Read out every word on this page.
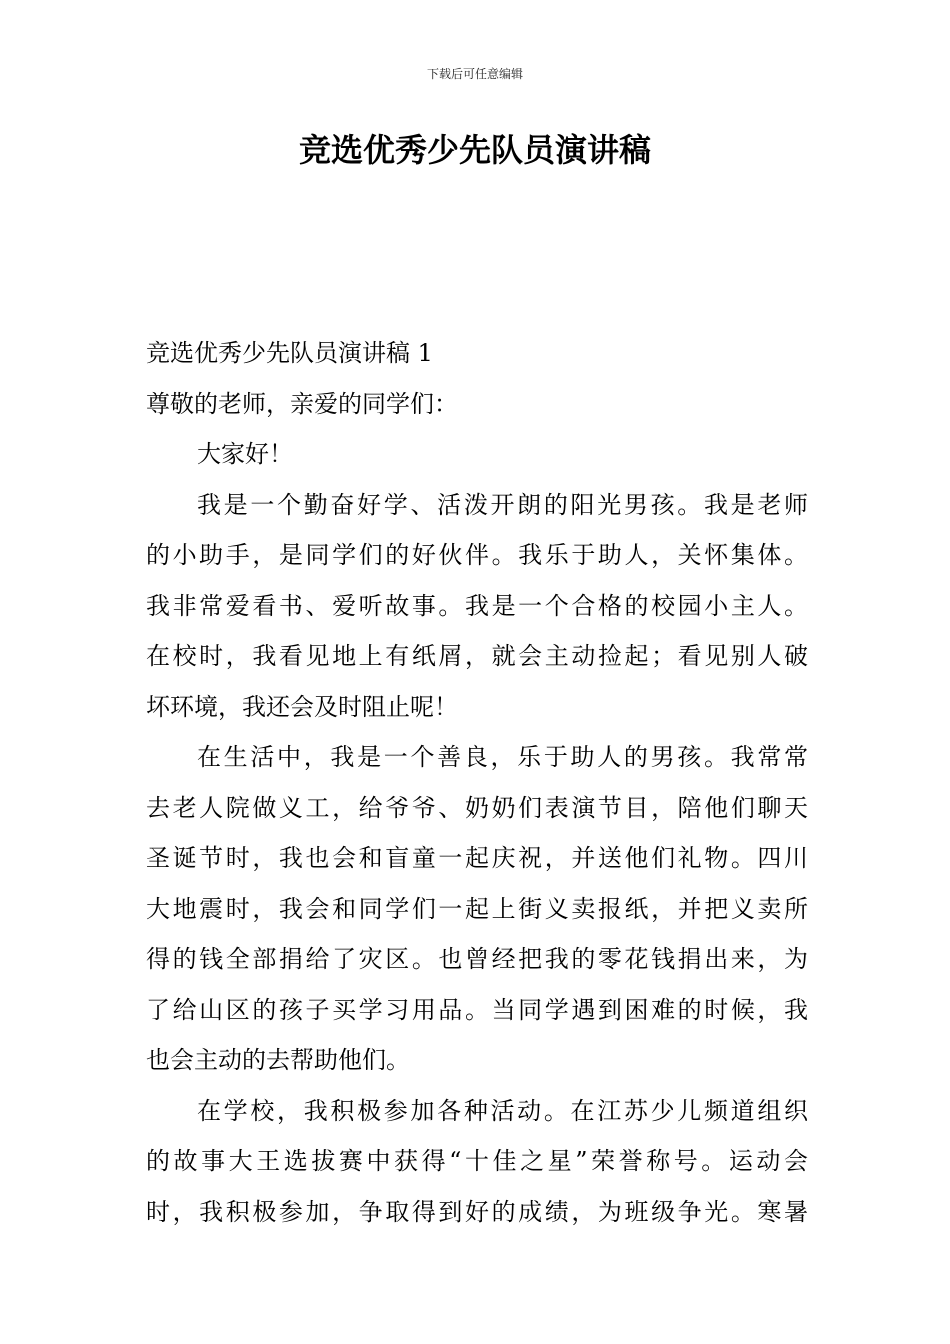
下载后可任意编辑
竞选优秀少先队员演讲稿
竞选优秀少先队员演讲稿 1
尊敬的老师，亲爱的同学们：
大家好！
我是一个勤奋好学、活泼开朗的阳光男孩。我是老师
的小助手，是同学们的好伙伴。我乐于助人，关怀集体。
我非常爱看书、爱听故事。我是一个合格的校园小主人。
在校时，我看见地上有纸屑，就会主动捡起；看见别人破
坏环境，我还会及时阻止呢！
在生活中，我是一个善良，乐于助人的男孩。我常常
去老人院做义工，给爷爷、奶奶们表演节目，陪他们聊天
圣诞节时，我也会和盲童一起庆祝，并送他们礼物。四川
大地震时，我会和同学们一起上街义卖报纸，并把义卖所
得的钱全部捐给了灾区。也曾经把我的零花钱捐出来，为
了给山区的孩子买学习用品。当同学遇到困难的时候，我
也会主动的去帮助他们。
在学校，我积极参加各种活动。在江苏少儿频道组织
的故事大王选拔赛中获得“十佳之星”荣誉称号。运动会
时，我积极参加，争取得到好的成绩，为班级争光。寒暑
